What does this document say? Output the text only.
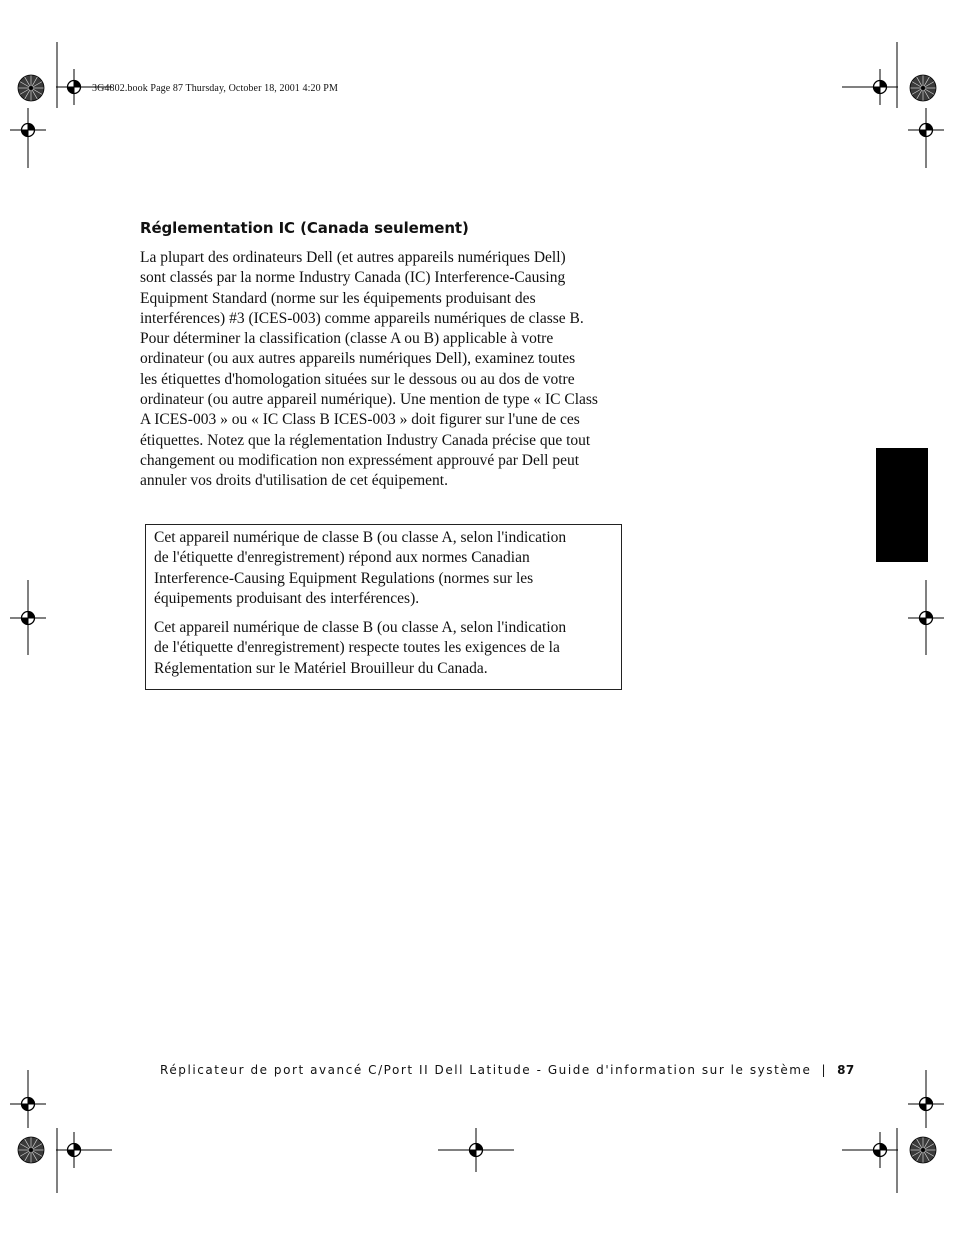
3G4802.book Page 87 Thursday, October 18, 2001 4:20 PM
Réglementation IC (Canada seulement)

La plupart des ordinateurs Dell (et autres appareils numériques Dell)
sont classés par la norme Industry Canada (IC) Interference-Causing
Equipment Standard (norme sur les équipements produisant des
interférences) #3 (ICES-003) comme appareils numériques de classe B.
Pour déterminer la classification (classe A ou B) applicable à votre
ordinateur (ou aux autres appareils numériques Dell), examinez toutes
les étiquettes d'homologation situées sur le dessous ou au dos de votre
ordinateur (ou autre appareil numérique). Une mention de type « IC Class
A ICES-003 » ou « IC Class B ICES-003 » doit figurer sur l'une de ces
étiquettes. Notez que la réglementation Industry Canada précise que tout
changement ou modification non expressément approuvé par Dell peut
annuler vos droits d'utilisation de cet équipement.

Cet appareil numérique de classe B (ou classe A, selon l'indication
de l'étiquette d'enregistrement) répond aux normes Canadian
Interference-Causing Equipment Regulations (normes sur les
équipements produisant des interférences).

Cet appareil numérique de classe B (ou classe A, selon l'indication
de l'étiquette d'enregistrement) respecte toutes les exigences de la
Réglementation sur le Matériel Brouilleur du Canada.

Réplicateur de port avancé C/Port II Dell Latitude - Guide d'information sur le système | 87
